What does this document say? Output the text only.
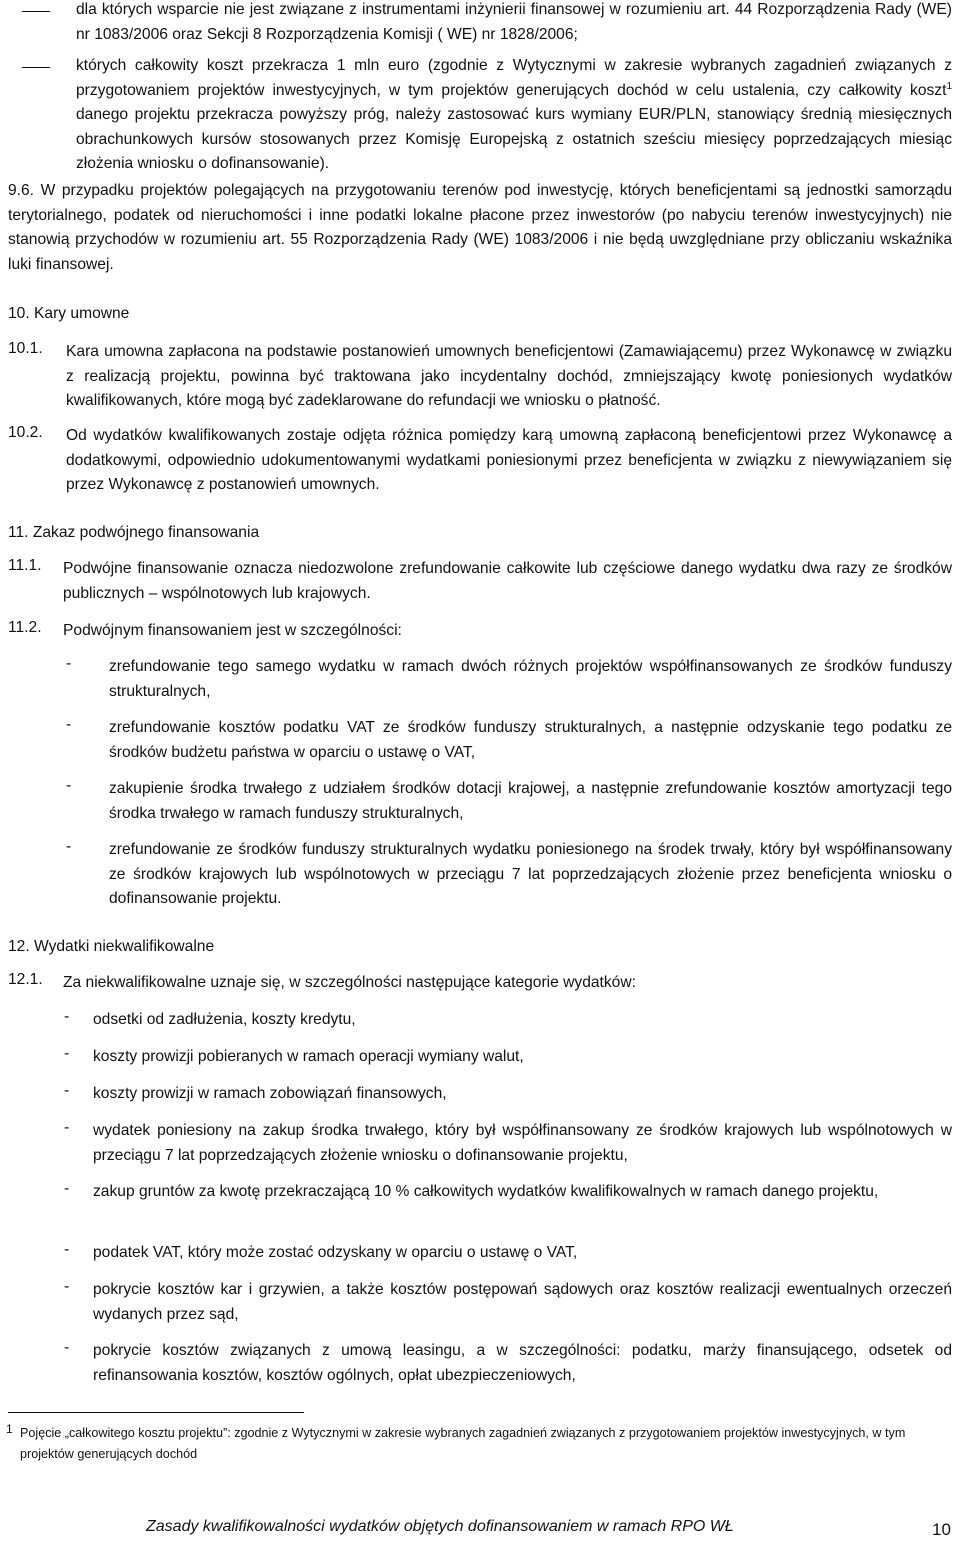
dla których wsparcie nie jest związane z instrumentami inżynierii finansowej w rozumieniu art. 44 Rozporządzenia Rady (WE) nr 1083/2006 oraz Sekcji 8 Rozporządzenia Komisji ( WE) nr 1828/2006;

których całkowity koszt przekracza 1 mln euro (zgodnie z Wytycznymi w zakresie wybranych zagadnień związanych z przygotowaniem projektów inwestycyjnych, w tym projektów generujących dochód w celu ustalenia, czy całkowity koszt$^1$ danego projektu przekracza powyższy próg, należy zastosować kurs wymiany EUR/PLN, stanowiący średnią miesięcznych obrachunkowych kursów stosowanych przez Komisję Europejską z ostatnich sześciu miesięcy poprzedzających miesiąc złożenia wniosku o dofinansowanie).

9.6. W przypadku projektów polegających na przygotowaniu terenów pod inwestycję, których beneficjentami są jednostki samorządu terytorialnego, podatek od nieruchomości i inne podatki lokalne płacone przez inwestorów (po nabyciu terenów inwestycyjnych) nie stanowią przychodów w rozumieniu art. 55 Rozporządzenia Rady (WE) 1083/2006 i nie będą uwzględniane przy obliczaniu wskaźnika luki finansowej.

10. Kary umowne
10.1. Kara umowna zapłacona na podstawie postanowień umownych beneficjentowi (Zamawiającemu) przez Wykonawcę w związku z realizacją projektu, powinna być traktowana jako incydentalny dochód, zmniejszający kwotę poniesionych wydatków kwalifikowanych, które mogą być zadeklarowane do refundacji we wniosku o płatność.

10.2. Od wydatków kwalifikowanych zostaje odjęta różnica pomiędzy karą umowną zapłaconą beneficjentowi przez Wykonawcę a dodatkowymi, odpowiednio udokumentowanymi wydatkami poniesionymi przez beneficjenta w związku z niewywiązaniem się przez Wykonawcę z postanowień umownych.

11. Zakaz podwójnego finansowania
11.1. Podwójne finansowanie oznacza niedozwolone zrefundowanie całkowite lub częściowe danego wydatku dwa razy ze środków publicznych – wspólnotowych lub krajowych.

11.2. Podwójnym finansowaniem jest w szczególności:

- zrefundowanie tego samego wydatku w ramach dwóch różnych projektów współfinansowanych ze środków funduszy strukturalnych,

- zrefundowanie kosztów podatku VAT ze środków funduszy strukturalnych, a następnie odzyskanie tego podatku ze środków budżetu państwa w oparciu o ustawę o VAT,

- zakupienie środka trwałego z udziałem środków dotacji krajowej, a następnie zrefundowanie kosztów amortyzacji tego środka trwałego w ramach funduszy strukturalnych,

- zrefundowanie ze środków funduszy strukturalnych wydatku poniesionego na środek trwały, który był współfinansowany ze środków krajowych lub wspólnotowych w przeciągu 7 lat poprzedzających złożenie przez beneficjenta wniosku o dofinansowanie projektu.

12. Wydatki niekwalifikowalne
12.1. Za niekwalifikowalne uznaje się, w szczególności następujące kategorie wydatków:

- odsetki od zadłużenia, koszty kredytu,

- koszty prowizji pobieranych w ramach operacji wymiany walut,

- koszty prowizji w ramach zobowiązań finansowych,

- wydatek poniesiony na zakup środka trwałego, który był współfinansowany ze środków krajowych lub wspólnotowych w przeciągu 7 lat poprzedzających złożenie wniosku o dofinansowanie projektu,

- zakup gruntów za kwotę przekraczającą 10 % całkowitych wydatków kwalifikowalnych w ramach danego projektu,

- podatek VAT, który może zostać odzyskany w oparciu o ustawę o VAT,

- pokrycie kosztów kar i grzywien, a także kosztów postępowań sądowych oraz kosztów realizacji ewentualnych orzeczeń wydanych przez sąd,

- pokrycie kosztów związanych z umową leasingu, a w szczególności: podatku, marży finansującego, odsetek od refinansowania kosztów, kosztów ogólnych, opłat ubezpieczeniowych,

1 Pojęcie „całkowitego kosztu projektu”: zgodnie z Wytycznymi w zakresie wybranych zagadnień związanych z przygotowaniem projektów inwestycyjnych, w tym projektów generujących dochód
Zasady kwalifikowalności wydatków objętych dofinansowaniem w ramach RPO WŁ	10
